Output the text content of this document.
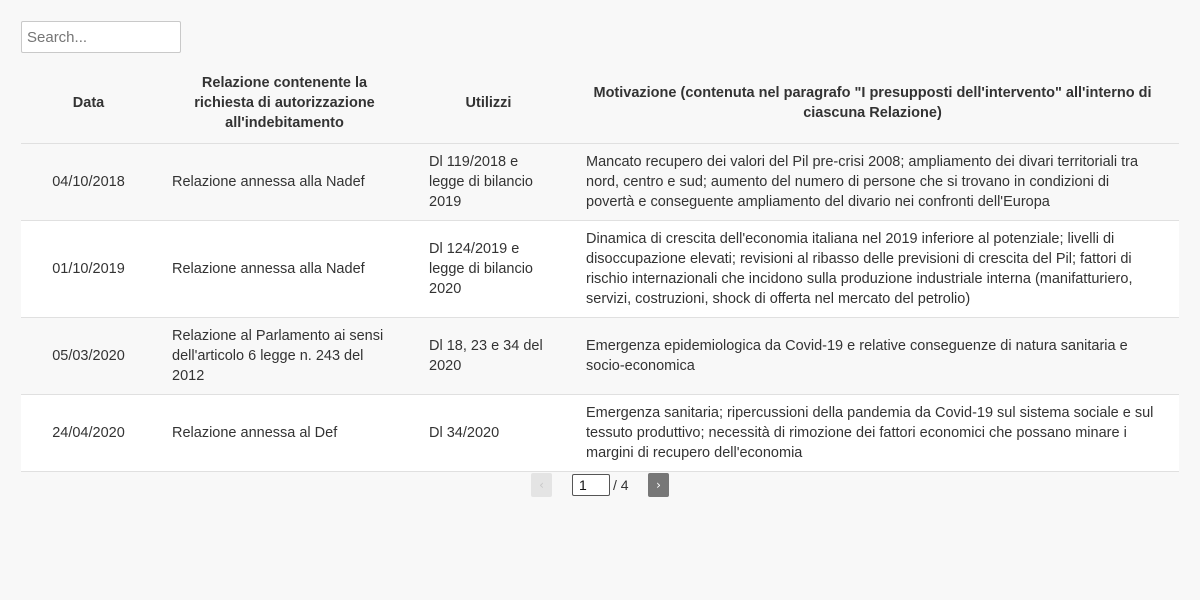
Search...
Data	Relazione contenente la richiesta di autorizzazione all'indebitamento	Utilizzi	Motivazione (contenuta nel paragrafo "I presupposti dell'intervento" all'interno di ciascuna Relazione)
04/10/2018	Relazione annessa alla Nadef	Dl 119/2018 e legge di bilancio 2019	Mancato recupero dei valori del Pil pre-crisi 2008; ampliamento dei divari territoriali tra nord, centro e sud; aumento del numero di persone che si trovano in condizioni di povertà e conseguente ampliamento del divario nei confronti dell'Europa
01/10/2019	Relazione annessa alla Nadef	Dl 124/2019 e legge di bilancio 2020	Dinamica di crescita dell'economia italiana nel 2019 inferiore al potenziale; livelli di disoccupazione elevati; revisioni al ribasso delle previsioni di crescita del Pil; fattori di rischio internazionali che incidono sulla produzione industriale interna (manifatturiero, servizi, costruzioni, shock di offerta nel mercato del petrolio)
05/03/2020	Relazione al Parlamento ai sensi dell'articolo 6 legge n. 243 del 2012	Dl 18, 23 e 34 del 2020	Emergenza epidemiologica da Covid-19 e relative conseguenze di natura sanitaria e socio-economica
24/04/2020	Relazione annessa al Def	Dl 34/2020	Emergenza sanitaria; ripercussioni della pandemia da Covid-19 sul sistema sociale e sul tessuto produttivo; necessità di rimozione dei fattori economici che possano minare i margini di recupero dell'economia
‹
1	/ 4	›
